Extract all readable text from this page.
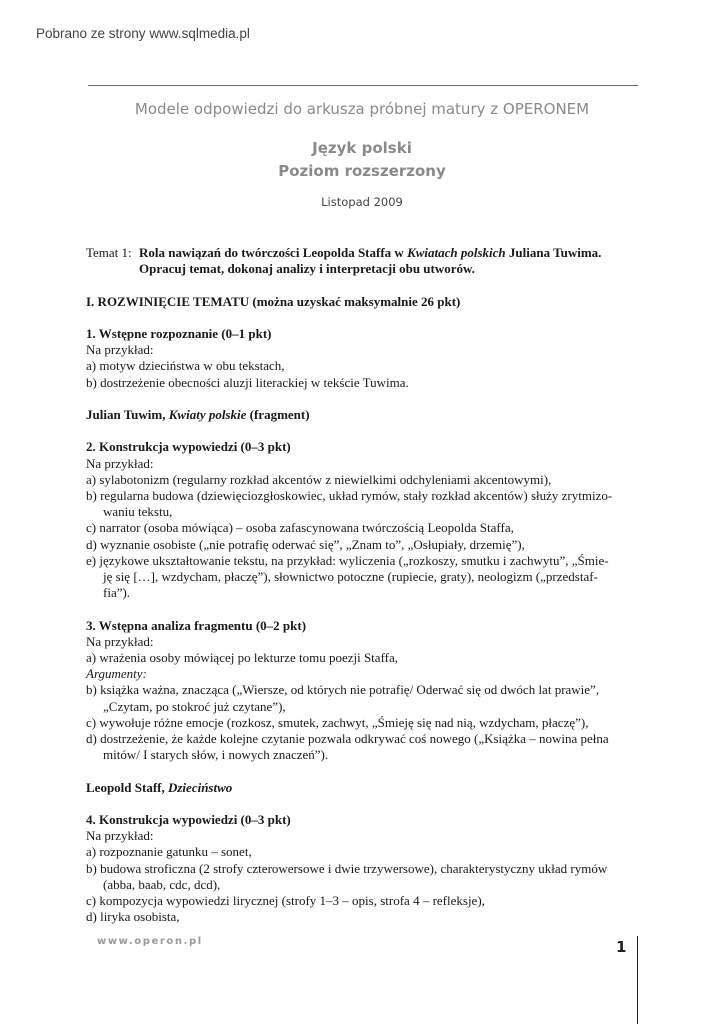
Pobrano ze strony www.sqlmedia.pl
Modele odpowiedzi do arkusza próbnej matury z OPERONEM
Język polski
Poziom rozszerzony
Listopad 2009
Temat 1: Rola nawiązań do twórczości Leopolda Staffa w Kwiatach polskich Juliana Tuwima. Opracuj temat, dokonaj analizy i interpretacji obu utworów.

I. ROZWINIĘCIE TEMATU (można uzyskać maksymalnie 26 pkt)

1. Wstępne rozpoznanie (0–1 pkt)

Na przykład:

a) motyw dzieciństwa w obu tekstach,

b) dostrzeżenie obecności aluzji literackiej w tekście Tuwima.

Julian Tuwim, Kwiaty polskie (fragment)

2. Konstrukcja wypowiedzi (0–3 pkt)

Na przykład:

a) sylabotonizm (regularny rozkład akcentów z niewielkimi odchyleniami akcentowymi),

b) regularna budowa (dziewięciozgłoskowiec, układ rymów, stały rozkład akcentów) służy zrytmizo-

waniu tekstu,

c) narrator (osoba mówiąca) – osoba zafascynowana twórczością Leopolda Staffa,

d) wyznanie osobiste („nie potrafię oderwać się”, „Znam to”, „Osłupiały, drzemię”),

e) językowe ukształtowanie tekstu, na przykład: wyliczenia („rozkoszy, smutku i zachwytu”, „Śmie-

ję się […], wzdycham, płaczę”), słownictwo potoczne (rupiecie, graty), neologizm („przedstaf-

fia”).

3. Wstępna analiza fragmentu (0–2 pkt)

Na przykład:

a) wrażenia osoby mówiącej po lekturze tomu poezji Staffa,

Argumenty:

b) książka ważna, znacząca („Wiersze, od których nie potrafię/ Oderwać się od dwóch lat prawie”,

„Czytam, po stokroć już czytane”),

c) wywołuje różne emocje (rozkosz, smutek, zachwyt, „Śmieję się nad nią, wzdycham, płaczę”),

d) dostrzeżenie, że każde kolejne czytanie pozwala odkrywać coś nowego („Książka – nowina pełna

mitów/ I starych słów, i nowych znaczeń”).

Leopold Staff, Dzieciństwo

4. Konstrukcja wypowiedzi (0–3 pkt)

Na przykład:

a) rozpoznanie gatunku – sonet,

b) budowa stroficzna (2 strofy czterowersowe i dwie trzywersowe), charakterystyczny układ rymów

(abba, baab, cdc, dcd),

c) kompozycja wypowiedzi lirycznej (strofy 1–3 – opis, strofa 4 – refleksje),

d) liryka osobista,

www.operon.pl	1
